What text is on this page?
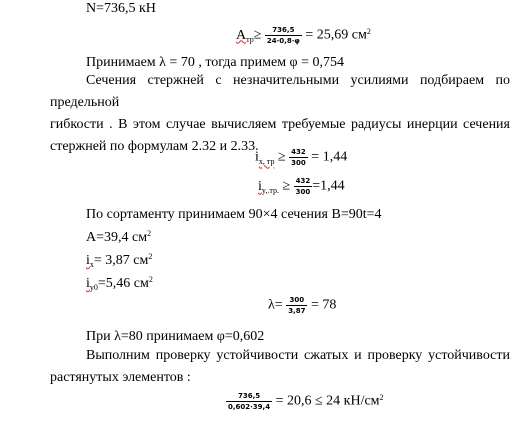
N=736,5 кН
$A_{тр}\ge \frac{736,5}{24\cdot 0,8\cdot\varphi} = 25,69$ $см^2$
Принимаем λ = 70 , тогда примем φ = 0,754

Сечения стержней с незначительными усилиями подбираем по предельной

гибкости . В этом случае вычисляем требуемые радиусы инерции сечения

стержней по формулам 2.32 и 2.33.

$i_{x, тр} \ge \frac{432}{300} = 1,44$
$i_{y, тр.} \ge \frac{432}{300} =1,44$
По сортаменту принимаем 90×4 сечения B=90t=4
A=39,4 $см^2$
$i_x= 3,87$ $см^2$
$i_{y0}=5,46$ $см^2$
$\lambda= \frac{300}{3,87} = 78$
При λ=80 принимаем φ=0,602

Выполним проверку устойчивости сжатых и проверку устойчивости

растянутых элементов :

$\frac{736,5}{0,602\cdot 39,4} = 20,6 \le 24$ $кН/см^2$
